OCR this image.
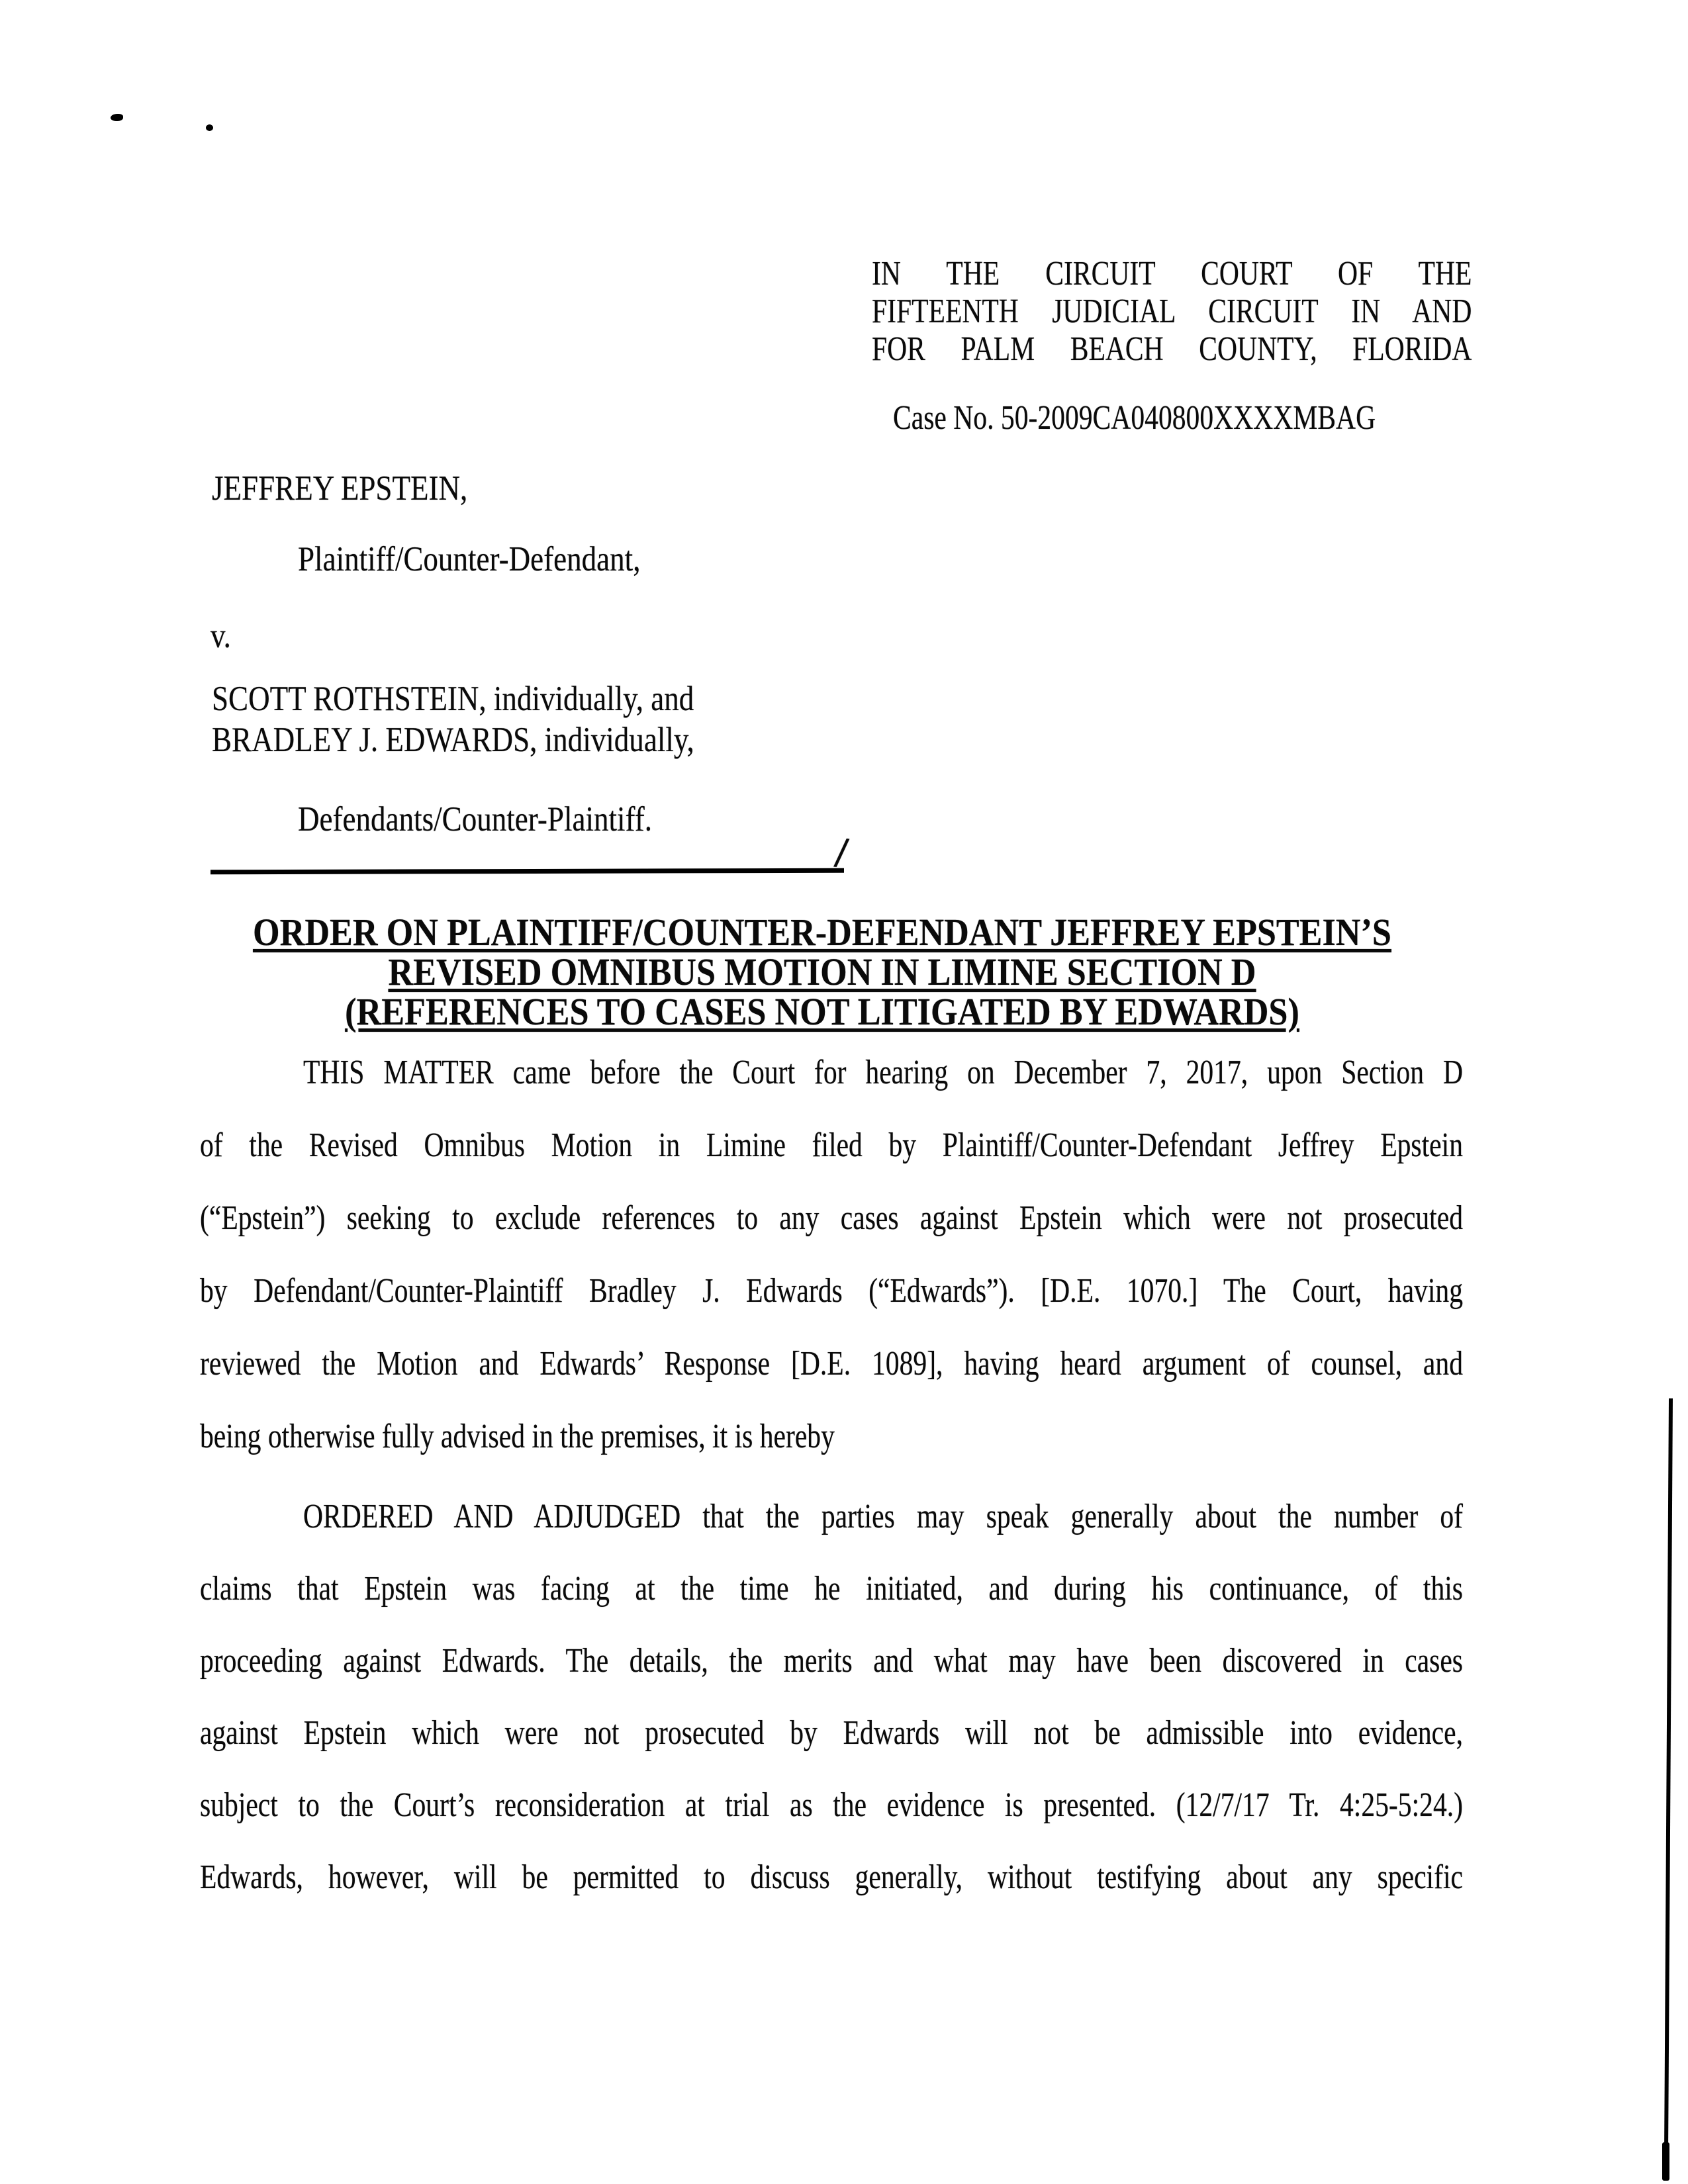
IN THE CIRCUIT COURT OF THE
FIFTEENTH JUDICIAL CIRCUIT IN AND
FOR PALM BEACH COUNTY, FLORIDA
Case No. 50-2009CA040800XXXXMBAG
JEFFREY EPSTEIN,
Plaintiff/Counter-Defendant,
v.
SCOTT ROTHSTEIN, individually, and
BRADLEY J. EDWARDS, individually,
Defendants/Counter-Plaintiff.
/
ORDER ON PLAINTIFF/COUNTER-DEFENDANT JEFFREY EPSTEIN’S
REVISED OMNIBUS MOTION IN LIMINE SECTION D
(REFERENCES TO CASES NOT LITIGATED BY EDWARDS)
THIS MATTER came before the Court for hearing on December 7, 2017, upon Section D
of the Revised Omnibus Motion in Limine filed by Plaintiff/Counter-Defendant Jeffrey Epstein
(“Epstein”) seeking to exclude references to any cases against Epstein which were not prosecuted
by Defendant/Counter-Plaintiff Bradley J. Edwards (“Edwards”). [D.E. 1070.] The Court, having
reviewed the Motion and Edwards’ Response [D.E. 1089], having heard argument of counsel, and
being otherwise fully advised in the premises, it is hereby
ORDERED AND ADJUDGED that the parties may speak generally about the number of
claims that Epstein was facing at the time he initiated, and during his continuance, of this
proceeding against Edwards. The details, the merits and what may have been discovered in cases
against Epstein which were not prosecuted by Edwards will not be admissible into evidence,
subject to the Court’s reconsideration at trial as the evidence is presented. (12/7/17 Tr. 4:25-5:24.)
Edwards, however, will be permitted to discuss generally, without testifying about any specific
